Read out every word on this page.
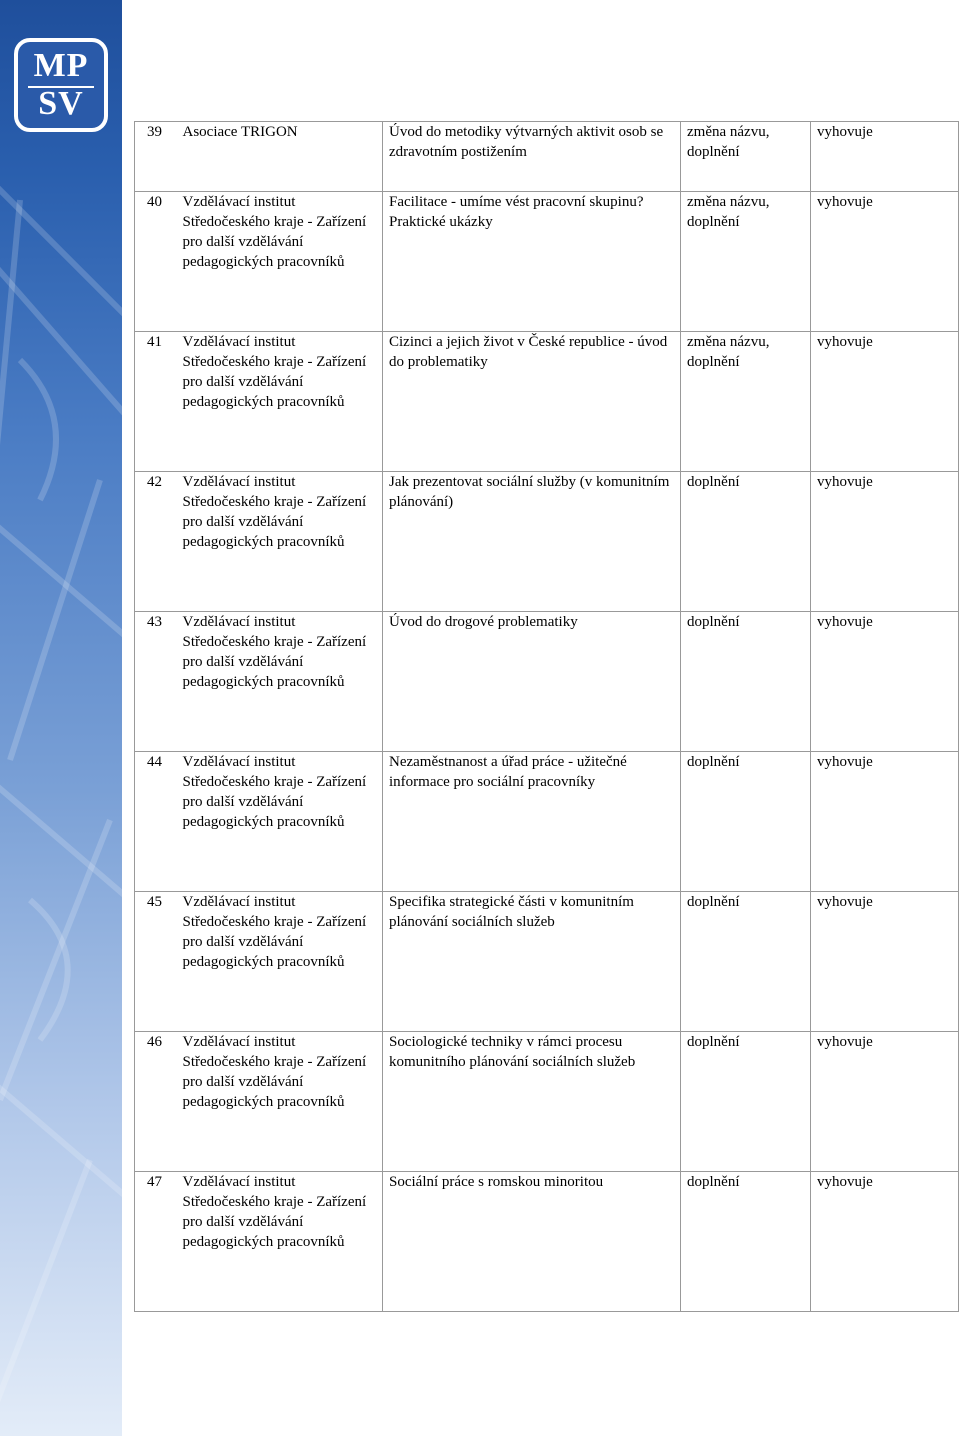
MP
SV
39	Asociace TRIGON	Úvod do metodiky výtvarných aktivit osob se zdravotním postižením	změna názvu, doplnění	vyhovuje
40	Vzdělávací institut Středočeského kraje - Zařízení pro další vzdělávání pedagogických pracovníků	Facilitace - umíme vést pracovní skupinu? Praktické ukázky	změna názvu, doplnění	vyhovuje
41	Vzdělávací institut Středočeského kraje - Zařízení pro další vzdělávání pedagogických pracovníků	Cizinci a jejich život v České republice - úvod do problematiky	změna názvu, doplnění	vyhovuje
42	Vzdělávací institut Středočeského kraje - Zařízení pro další vzdělávání pedagogických pracovníků	Jak prezentovat sociální služby (v komunitním plánování)	doplnění	vyhovuje
43	Vzdělávací institut Středočeského kraje - Zařízení pro další vzdělávání pedagogických pracovníků	Úvod do drogové problematiky	doplnění	vyhovuje
44	Vzdělávací institut Středočeského kraje - Zařízení pro další vzdělávání pedagogických pracovníků	Nezaměstnanost a úřad práce - užitečné informace pro sociální pracovníky	doplnění	vyhovuje
45	Vzdělávací institut Středočeského kraje - Zařízení pro další vzdělávání pedagogických pracovníků	Specifika strategické části v komunitním plánování sociálních služeb	doplnění	vyhovuje
46	Vzdělávací institut Středočeského kraje - Zařízení pro další vzdělávání pedagogických pracovníků	Sociologické techniky v rámci procesu komunitního plánování sociálních služeb	doplnění	vyhovuje
47	Vzdělávací institut Středočeského kraje - Zařízení pro další vzdělávání pedagogických pracovníků	Sociální práce s romskou minoritou	doplnění	vyhovuje
